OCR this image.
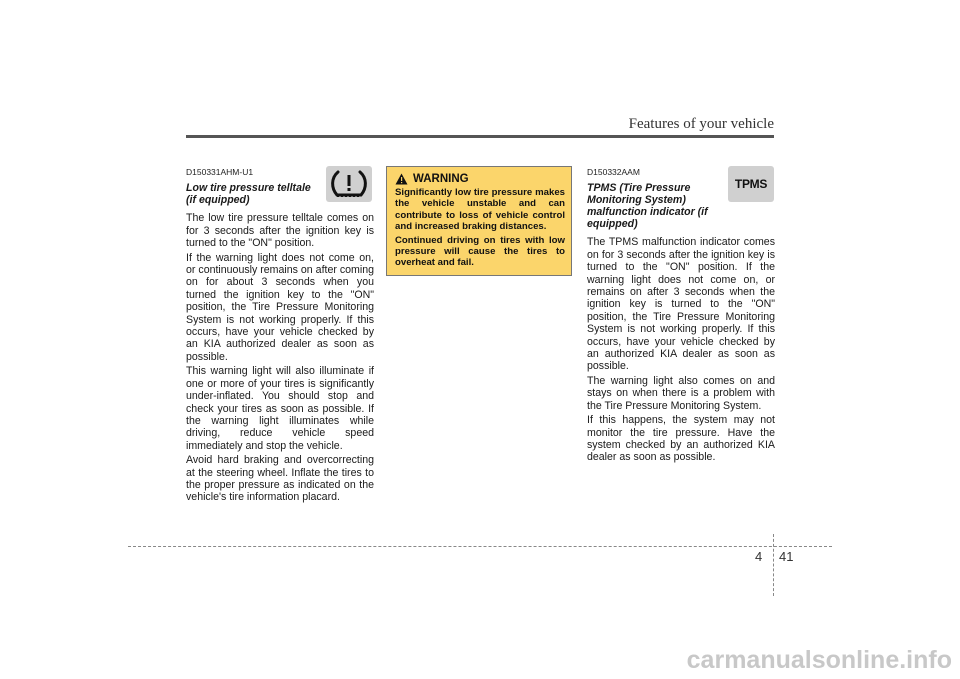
Features of your vehicle
D150331AHM-U1
Low tire pressure telltale (if equipped)

The low tire pressure telltale comes on for 3 seconds after the ignition key is turned to the "ON" position.

If the warning light does not come on, or continuously remains on after coming on for about 3 seconds when you turned the ignition key to the "ON" position, the Tire Pressure Monitoring System is not working properly. If this occurs, have your vehicle checked by an KIA authorized dealer as soon as possible.

This warning light will also illuminate if one or more of your tires is significantly under-inflated. You should stop and check your tires as soon as possible. If the warning light illuminates while driving, reduce vehicle speed immediately and stop the vehicle.

Avoid hard braking and overcorrecting at the steering wheel. Inflate the tires to the proper pressure as indicated on the vehicle's tire information placard.

WARNING

Significantly low tire pressure makes the vehicle unstable and can contribute to loss of vehicle control and increased braking distances.

Continued driving on tires with low pressure will cause the tires to overheat and fail.

D150332AAM
TPMS (Tire Pressure Monitoring System) malfunction indicator (if equipped)

The TPMS malfunction indicator comes on for 3 seconds after the ignition key is turned to the "ON" position. If the warning light does not come on, or remains on after 3 seconds when the ignition key is turned to the "ON" position, the Tire Pressure Monitoring System is not working properly. If this occurs, have your vehicle checked by an authorized KIA dealer as soon as possible.

The warning light also comes on and stays on when there is a problem with the Tire Pressure Monitoring System.

If this happens, the system may not monitor the tire pressure. Have the system checked by an authorized KIA dealer as soon as possible.

TPMS
4 41
carmanualsonline.info
